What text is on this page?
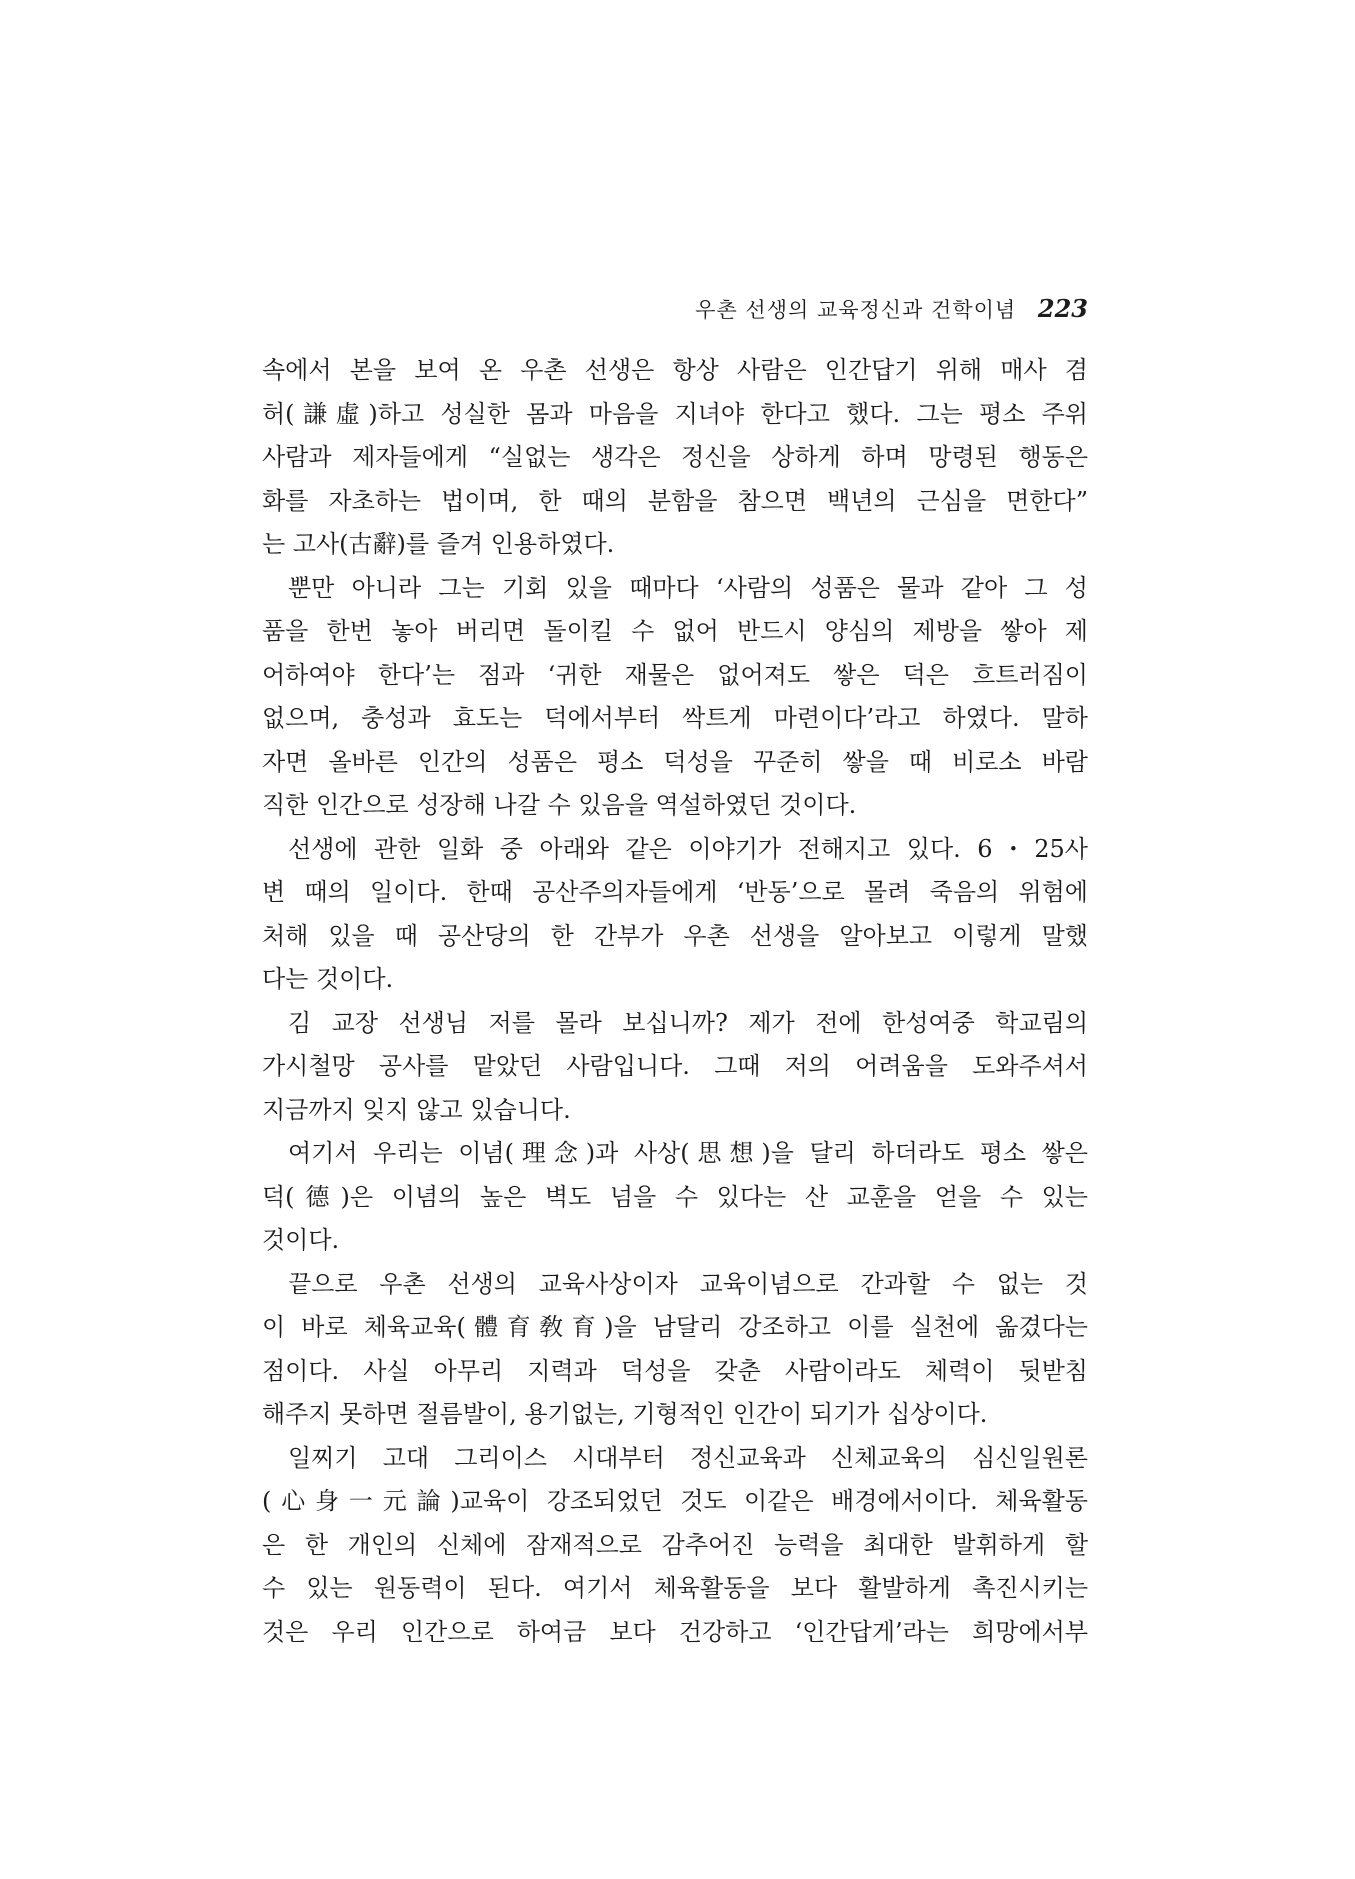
우촌 선생의 교육정신과 건학이념 223
속에서 본을 보여 온 우촌 선생은 항상 사람은 인간답기 위해 매사 겸
허(謙虛)하고 성실한 몸과 마음을 지녀야 한다고 했다. 그는 평소 주위
사람과 제자들에게 “실없는 생각은 정신을 상하게 하며 망령된 행동은
화를 자초하는 법이며, 한 때의 분함을 참으면 백년의 근심을 면한다”
는 고사(古辭)를 즐겨 인용하였다.
뿐만 아니라 그는 기회 있을 때마다 ‘사람의 성품은 물과 같아 그 성
품을 한번 놓아 버리면 돌이킬 수 없어 반드시 양심의 제방을 쌓아 제
어하여야 한다’는 점과 ‘귀한 재물은 없어져도 쌓은 덕은 흐트러짐이
없으며, 충성과 효도는 덕에서부터 싹트게 마련이다’라고 하였다. 말하
자면 올바른 인간의 성품은 평소 덕성을 꾸준히 쌓을 때 비로소 바람
직한 인간으로 성장해 나갈 수 있음을 역설하였던 것이다.
선생에 관한 일화 중 아래와 같은 이야기가 전해지고 있다. 6・25사
변 때의 일이다. 한때 공산주의자들에게 ‘반동’으로 몰려 죽음의 위험에
처해 있을 때 공산당의 한 간부가 우촌 선생을 알아보고 이렇게 말했
다는 것이다.
김 교장 선생님 저를 몰라 보십니까? 제가 전에 한성여중 학교림의
가시철망 공사를 맡았던 사람입니다. 그때 저의 어려움을 도와주셔서
지금까지 잊지 않고 있습니다.
여기서 우리는 이념(理念)과 사상(思想)을 달리 하더라도 평소 쌓은
덕(德)은 이념의 높은 벽도 넘을 수 있다는 산 교훈을 얻을 수 있는
것이다.
끝으로 우촌 선생의 교육사상이자 교육이념으로 간과할 수 없는 것
이 바로 체육교육(體育敎育)을 남달리 강조하고 이를 실천에 옮겼다는
점이다. 사실 아무리 지력과 덕성을 갖춘 사람이라도 체력이 뒷받침
해주지 못하면 절름발이, 용기없는, 기형적인 인간이 되기가 십상이다.
일찌기 고대 그리이스 시대부터 정신교육과 신체교육의 심신일원론
(心身一元論)교육이 강조되었던 것도 이같은 배경에서이다. 체육활동
은 한 개인의 신체에 잠재적으로 감추어진 능력을 최대한 발휘하게 할
수 있는 원동력이 된다. 여기서 체육활동을 보다 활발하게 촉진시키는
것은 우리 인간으로 하여금 보다 건강하고 ‘인간답게’라는 희망에서부
